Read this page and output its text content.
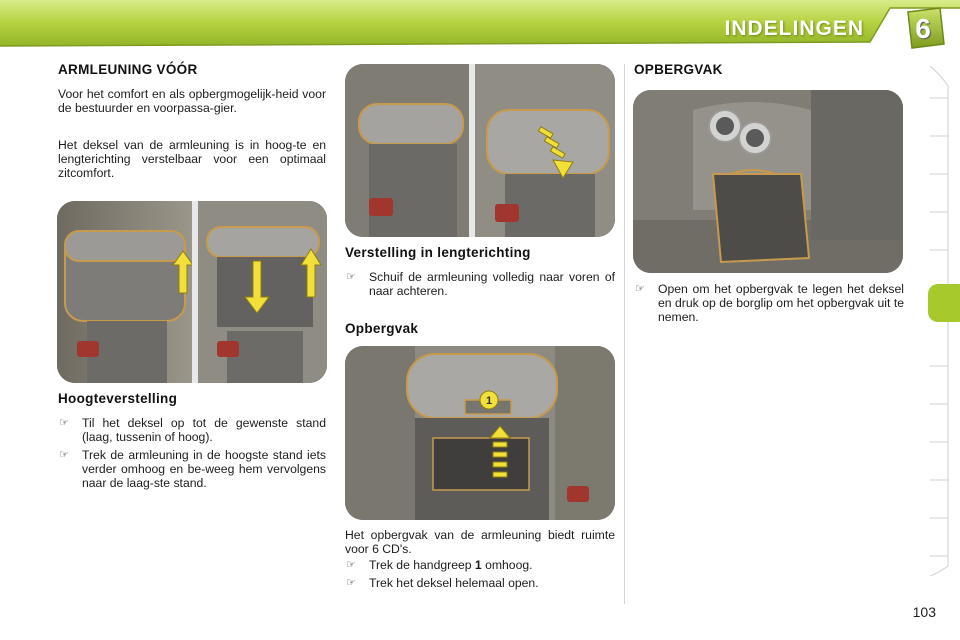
INDELINGEN	6
ARMLEUNING VÓÓR
Voor het comfort en als opbergmogelijk-heid voor de bestuurder en voorpassa-gier.
Het deksel van de armleuning is in hoog-te en lengterichting verstelbaar voor een optimaal zitcomfort.
Hoogteverstelling
☞ Til het deksel op tot de gewenste stand (laag, tussenin of hoog).
☞ Trek de armleuning in de hoogste stand iets verder omhoog en be-weeg hem vervolgens naar de laag-ste stand.
Verstelling in lengterichting
☞ Schuif de armleuning volledig naar voren of naar achteren.
Opbergvak
1
Het opbergvak van de armleuning biedt ruimte voor 6 CD's.
☞ Trek de handgreep 1 omhoog.
☞ Trek het deksel helemaal open.
OPBERGVAK
☞ Open om het opbergvak te legen het deksel en druk op de borglip om het opbergvak uit te nemen.
103
